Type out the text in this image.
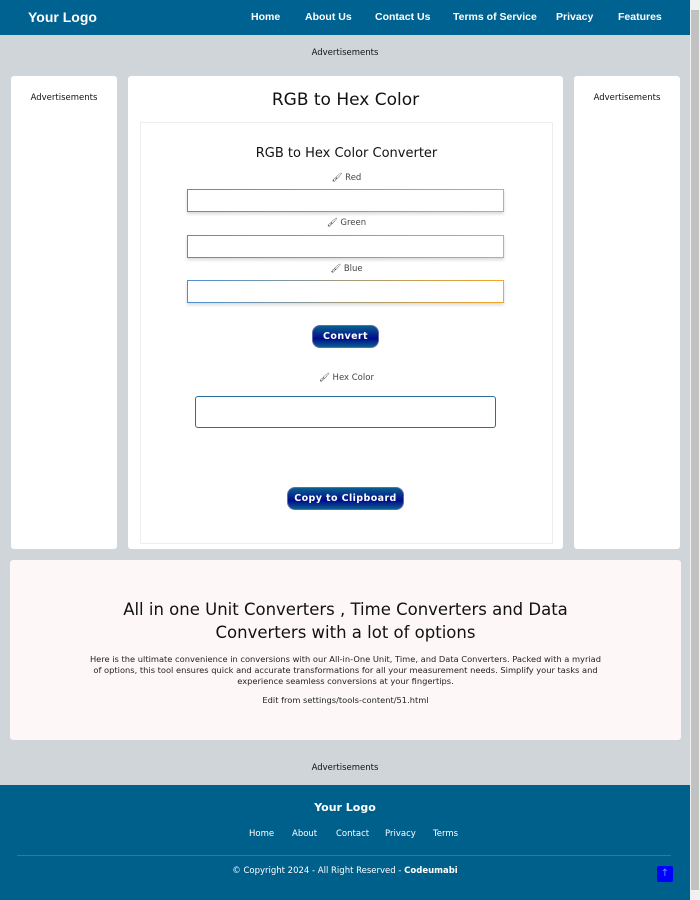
Your Logo	Home About Us Contact Us Terms of Service Privacy Features
Advertisements
Advertisements	Advertisements
RGB to Hex Color
RGB to Hex Color Converter
🖌 Red
🖌 Green
🖌 Blue
Convert
🖌 Hex Color
Copy to Clipboard
All in one Unit Converters , Time Converters and Data Converters with a lot of options
Here is the ultimate convenience in conversions with our All-in-One Unit, Time, and Data Converters. Packed with a myriad of options, this tool ensures quick and accurate transformations for all your measurement needs. Simplify your tasks and experience seamless conversions at your fingertips.
Edit from settings/tools-content/51.html
Advertisements
Your Logo
Home About Contact Privacy Terms
© Copyright 2024 - All Right Reserved - Codeumabi	↑
